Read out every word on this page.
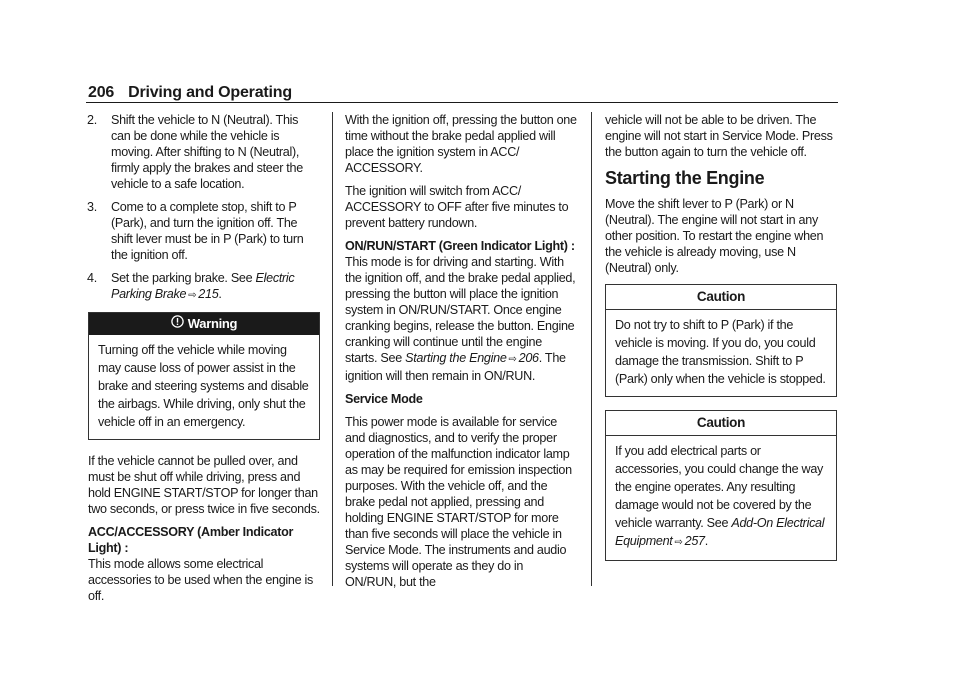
206 Driving and Operating
2.	Shift the vehicle to N (Neutral). This can be done while the vehicle is moving. After shifting to N (Neutral), firmly apply the brakes and steer the vehicle to a safe location.
3.	Come to a complete stop, shift to P (Park), and turn the ignition off. The shift lever must be in P (Park) to turn the ignition off.
4.	Set the parking brake. See Electric Parking Brake ⇨ 215.
Warning
Turning off the vehicle while moving may cause loss of power assist in the brake and steering systems and disable the airbags. While driving, only shut the vehicle off in an emergency.

If the vehicle cannot be pulled over, and must be shut off while driving, press and hold ENGINE START/STOP for longer than two seconds, or press twice in five seconds.

ACC/ACCESSORY (Amber Indicator Light) :
This mode allows some electrical accessories to be used when the engine is off.

With the ignition off, pressing the button one time without the brake pedal applied will place the ignition system in ACC/ ACCESSORY.

The ignition will switch from ACC/ ACCESSORY to OFF after five minutes to prevent battery rundown.

ON/RUN/START (Green Indicator Light) : This mode is for driving and starting. With the ignition off, and the brake pedal applied, pressing the button will place the ignition system in ON/RUN/START. Once engine cranking begins, release the button. Engine cranking will continue until the engine starts. See Starting the Engine ⇨ 206. The ignition will then remain in ON/RUN.

Service Mode

This power mode is available for service and diagnostics, and to verify the proper operation of the malfunction indicator lamp as may be required for emission inspection purposes. With the vehicle off, and the brake pedal not applied, pressing and holding ENGINE START/STOP for more than five seconds will place the vehicle in Service Mode. The instruments and audio systems will operate as they do in ON/RUN, but the

vehicle will not be able to be driven. The engine will not start in Service Mode. Press the button again to turn the vehicle off.

Starting the Engine

Move the shift lever to P (Park) or N (Neutral). The engine will not start in any other position. To restart the engine when the vehicle is already moving, use N (Neutral) only.

Caution
Do not try to shift to P (Park) if the vehicle is moving. If you do, you could damage the transmission. Shift to P (Park) only when the vehicle is stopped.
Caution
If you add electrical parts or accessories, you could change the way the engine operates. Any resulting damage would not be covered by the vehicle warranty. See Add-On Electrical Equipment ⇨ 257.
